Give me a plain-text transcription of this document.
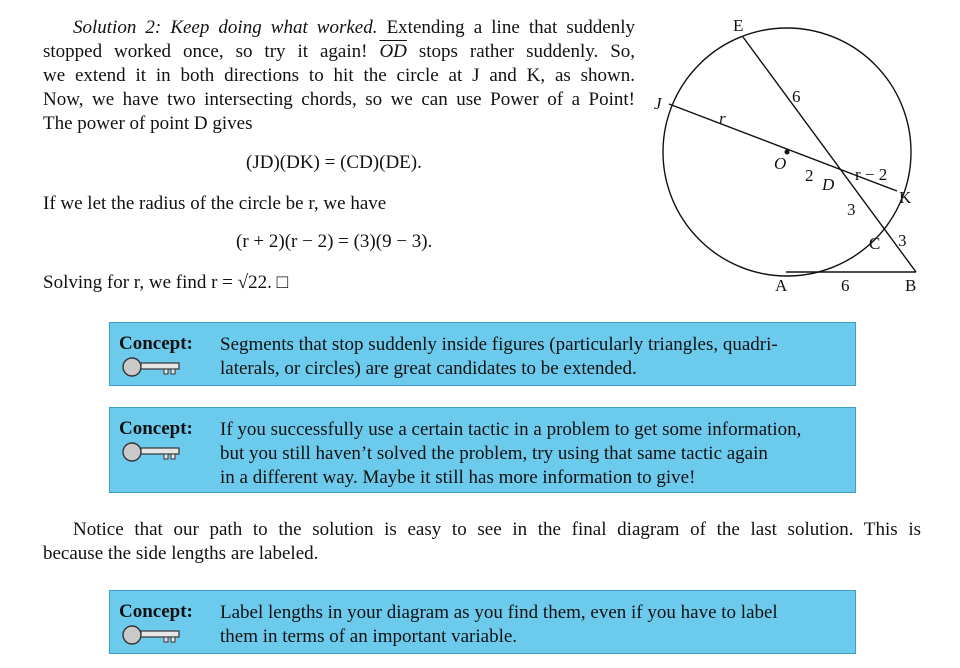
Solution 2: Keep doing what worked. Extending a line that suddenly
stopped worked once, so try it again! $\overline{OD}$ stops rather suddenly. So,
we extend it in both directions to hit the circle at J and K, as shown.
Now, we have two intersecting chords, so we can use Power of a Point!
The power of point D gives
(JD)(DK) = (CD)(DE).
If we let the radius of the circle be r, we have
(r + 2)(r − 2) = (3)(9 − 3).
Solving for r, we find r = √22. □
E
J
O
D
K
C
A	B
6
r
2 r − 2
3
3
6
Concept: Segments that stop suddenly inside figures (particularly triangles, quadri-
laterals, or circles) are great candidates to be extended.
Concept: If you successfully use a certain tactic in a problem to get some information,
but you still haven’t solved the problem, try using that same tactic again
in a different way. Maybe it still has more information to give!
Notice that our path to the solution is easy to see in the final diagram of the last solution. This is
because the side lengths are labeled.
Concept: Label lengths in your diagram as you find them, even if you have to label
them in terms of an important variable.
